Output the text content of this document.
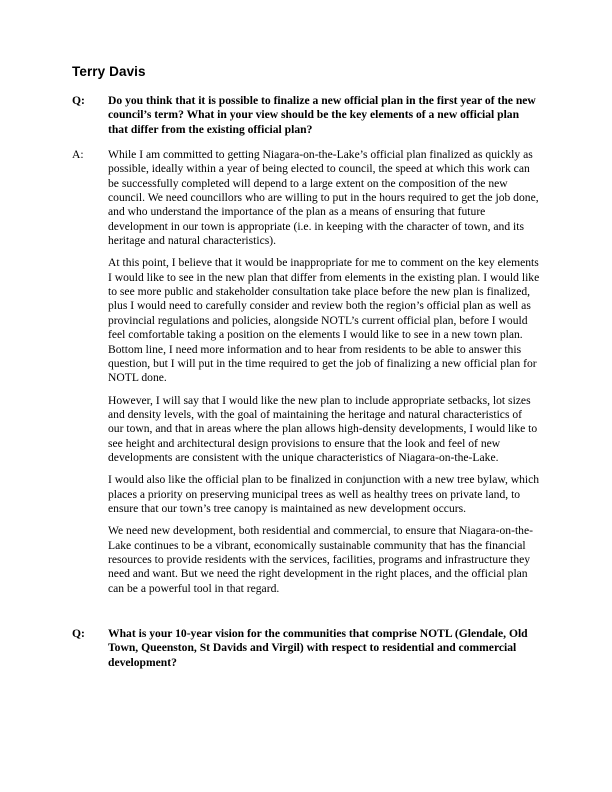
Terry Davis
Q:	Do you think that it is possible to finalize a new official plan in the first year of the new council’s term? What in your view should be the key elements of a new official plan that differ from the existing official plan?
A:	While I am committed to getting Niagara-on-the-Lake’s official plan finalized as quickly as possible, ideally within a year of being elected to council, the speed at which this work can be successfully completed will depend to a large extent on the composition of the new council. We need councillors who are willing to put in the hours required to get the job done, and who understand the importance of the plan as a means of ensuring that future development in our town is appropriate (i.e. in keeping with the character of town, and its heritage and natural characteristics).

At this point, I believe that it would be inappropriate for me to comment on the key elements I would like to see in the new plan that differ from elements in the existing plan. I would like to see more public and stakeholder consultation take place before the new plan is finalized, plus I would need to carefully consider and review both the region’s official plan as well as provincial regulations and policies, alongside NOTL’s current official plan, before I would feel comfortable taking a position on the elements I would like to see in a new town plan. Bottom line, I need more information and to hear from residents to be able to answer this question, but I will put in the time required to get the job of finalizing a new official plan for NOTL done.

However, I will say that I would like the new plan to include appropriate setbacks, lot sizes and density levels, with the goal of maintaining the heritage and natural characteristics of our town, and that in areas where the plan allows high-density developments, I would like to see height and architectural design provisions to ensure that the look and feel of new developments are consistent with the unique characteristics of Niagara-on-the-Lake.

I would also like the official plan to be finalized in conjunction with a new tree bylaw, which places a priority on preserving municipal trees as well as healthy trees on private land, to ensure that our town’s tree canopy is maintained as new development occurs.

We need new development, both residential and commercial, to ensure that Niagara-on-the-Lake continues to be a vibrant, economically sustainable community that has the financial resources to provide residents with the services, facilities, programs and infrastructure they need and want. But we need the right development in the right places, and the official plan can be a powerful tool in that regard.

Q:	What is your 10-year vision for the communities that comprise NOTL (Glendale, Old Town, Queenston, St Davids and Virgil) with respect to residential and commercial development?
